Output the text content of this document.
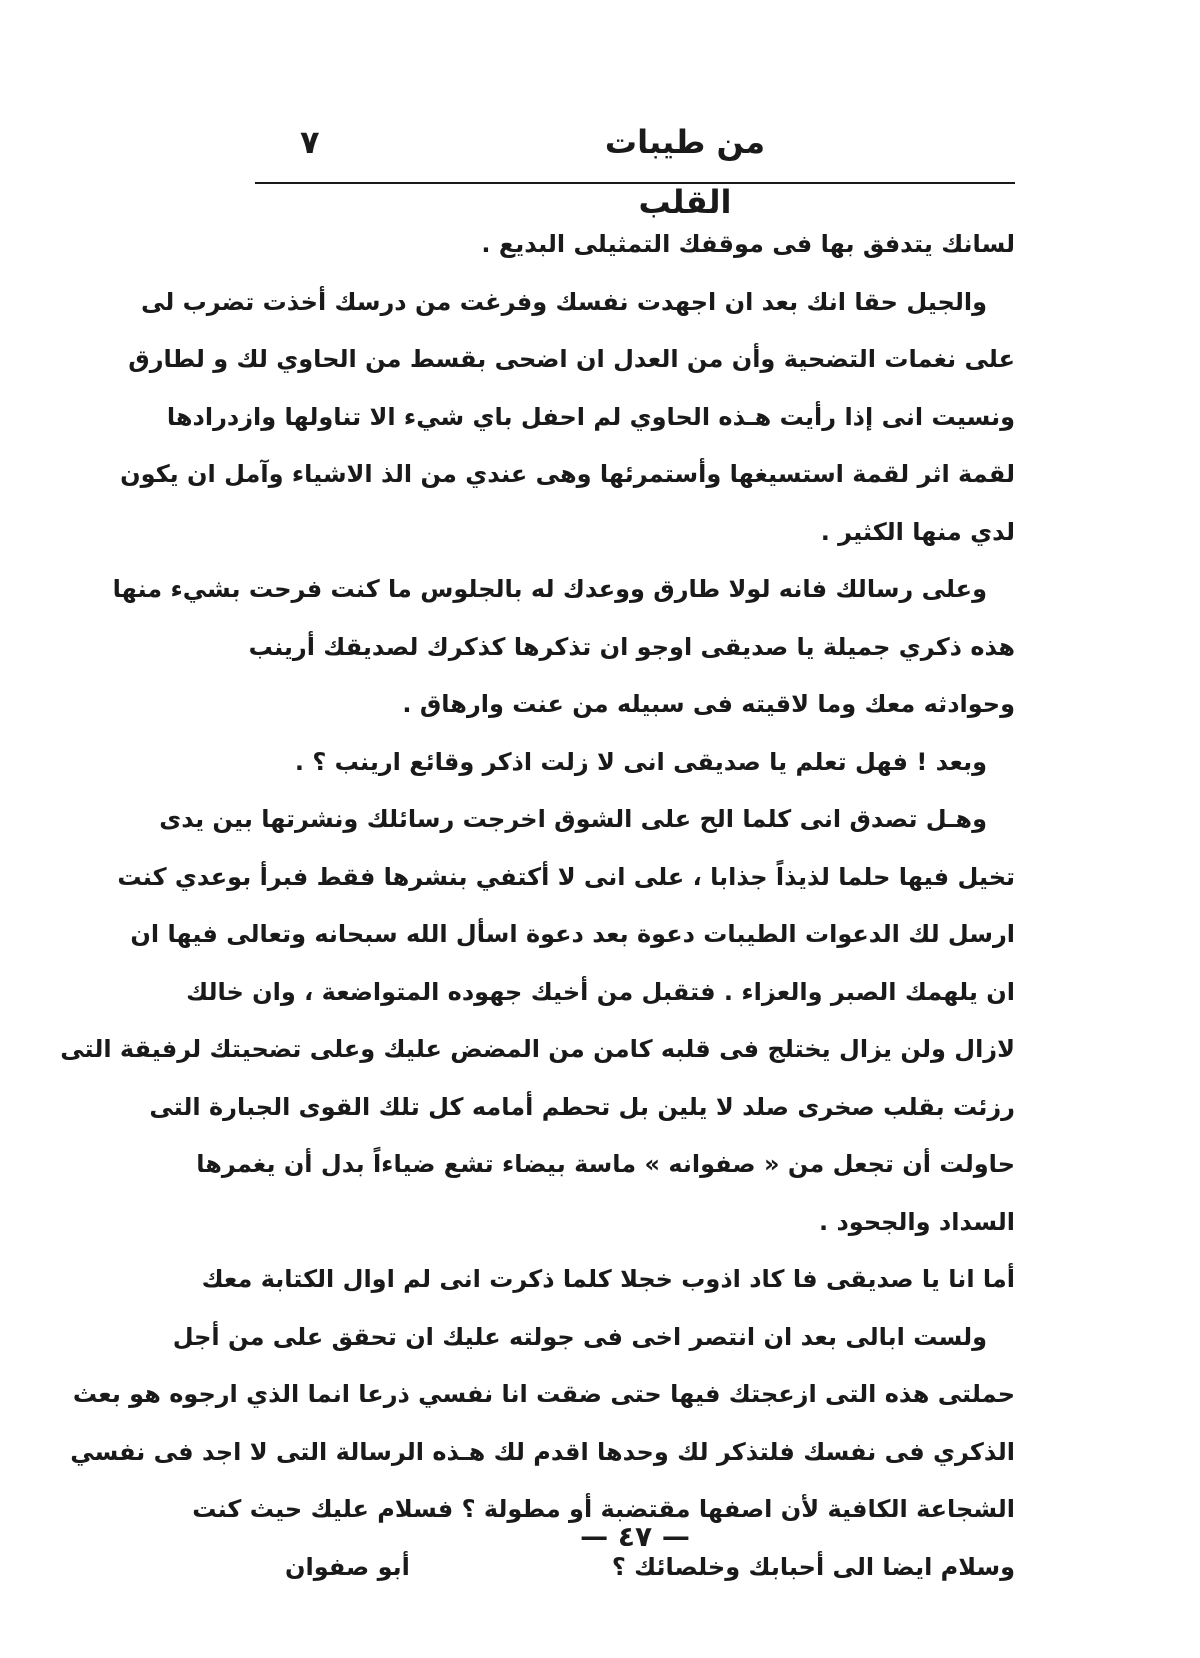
من طيبات القلب
٧
لسانك يتدفق بها فى موقفك التمثيلى البديع .
والجيل حقا انك بعد ان اجهدت نفسك وفرغت من درسك أخذت تضرب لى
على نغمات التضحية وأن من العدل ان اضحى بقسط من الحاوي لك و لطارق
ونسيت انى إذا رأيت هـذه الحاوي لم احفل باي شيء الا تناولها وازدرادها
لقمة اثر لقمة استسيغها وأستمرئها وهى عندي من الذ الاشياء وآمل ان يكون
لدي منها الكثير .
وعلى رسالك فانه لولا طارق ووعدك له بالجلوس ما كنت فرحت بشيء منها
هذه ذكري جميلة يا صديقى اوجو ان تذكرها كذكرك لصديقك أرينب
وحوادثه معك وما لاقيته فى سبيله من عنت وارهاق .
وبعد ! فهل تعلم يا صديقى انى لا زلت اذكر وقائع ارينب ؟ .
وهـل تصدق انى كلما الح على الشوق اخرجت رسائلك ونشرتها بين يدى
تخيل فيها حلما لذيذاً جذابا ، على انى لا أكتفي بنشرها فقط فبرأ بوعدي كنت
ارسل لك الدعوات الطيبات دعوة بعد دعوة اسأل الله سبحانه وتعالى فيها ان
ان يلهمك الصبر والعزاء . فتقبل من أخيك جهوده المتواضعة ، وان خالك
لازال ولن يزال يختلج فى قلبه كامن من المضض عليك وعلى تضحيتك لرفيقة التى
رزئت بقلب صخرى صلد لا يلين بل تحطم أمامه كل تلك القوى الجبارة التى
حاولت أن تجعل من « صفوانه » ماسة بيضاء تشع ضياءاً بدل أن يغمرها
السداد والجحود .
أما انا يا صديقى فا كاد اذوب خجلا كلما ذكرت انى لم اوال الكتابة معك
ولست ابالى بعد ان انتصر اخى فى جولته عليك ان تحقق على من أجل
حملتى هذه التى ازعجتك فيها حتى ضقت انا نفسي ذرعا انما الذي ارجوه هو بعث
الذكري فى نفسك فلتذكر لك وحدها اقدم لك هـذه الرسالة التى لا اجد فى نفسي
الشجاعة الكافية لأن اصفها مقتضبة أو مطولة ؟ فسلام عليك حيث كنت
وسلام ايضا الى أحبابك وخلصائك ؟
أبو صفوان
— ٤٧ —
